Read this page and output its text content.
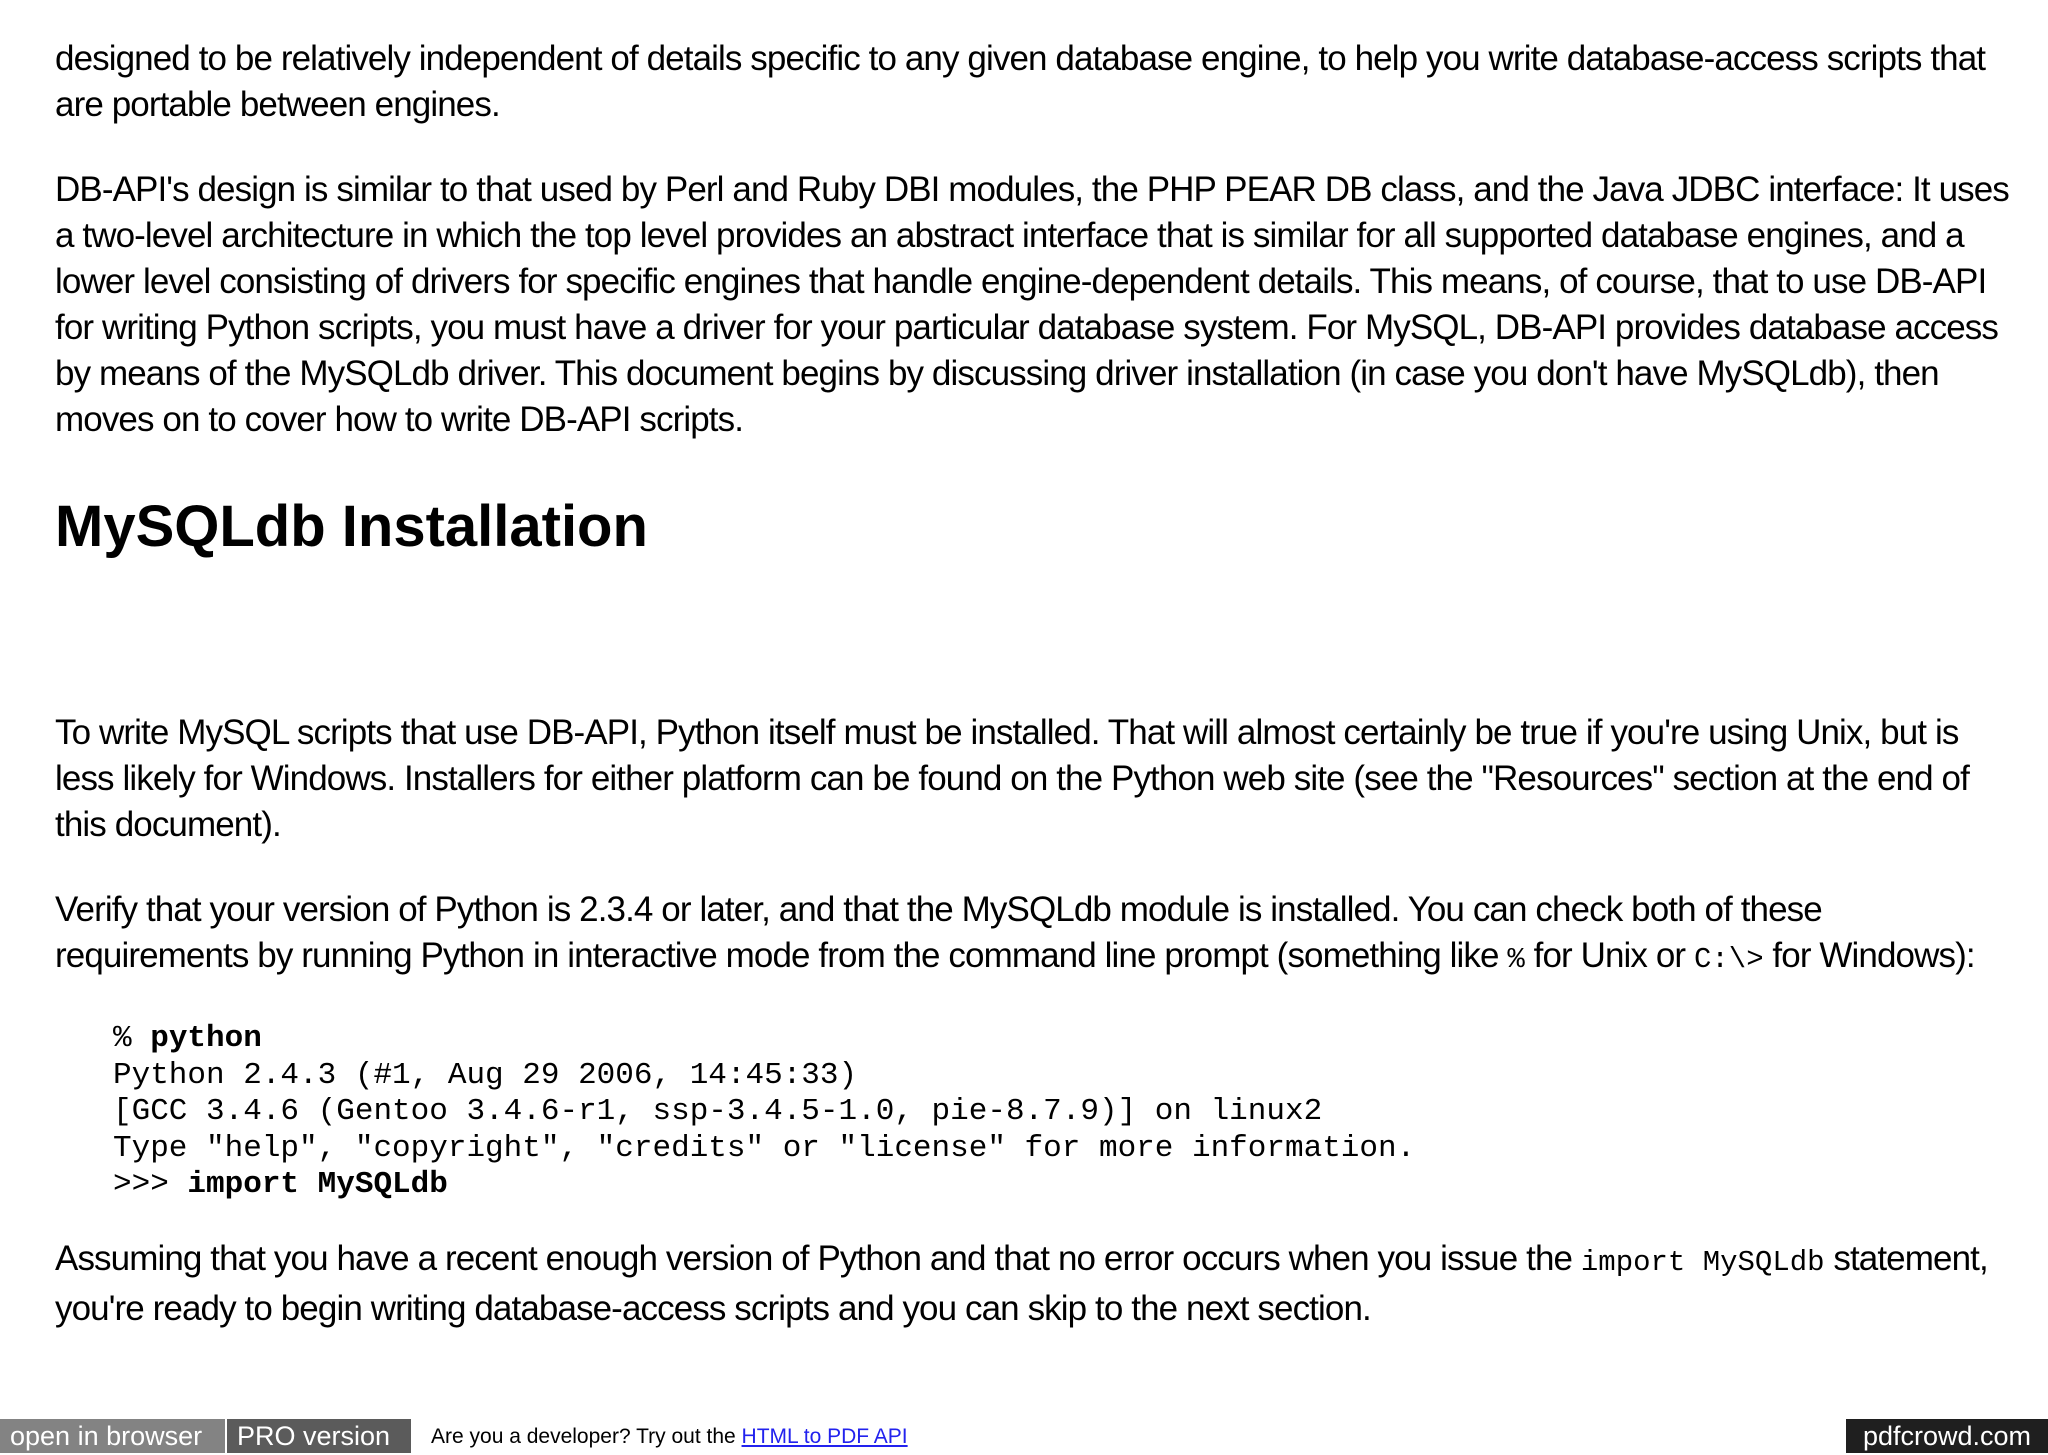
designed to be relatively independent of details specific to any given database engine, to help you write database-access scripts that are portable between engines.

DB-API's design is similar to that used by Perl and Ruby DBI modules, the PHP PEAR DB class, and the Java JDBC interface: It uses a two-level architecture in which the top level provides an abstract interface that is similar for all supported database engines, and a lower level consisting of drivers for specific engines that handle engine-dependent details. This means, of course, that to use DB-API for writing Python scripts, you must have a driver for your particular database system. For MySQL, DB-API provides database access by means of the MySQLdb driver. This document begins by discussing driver installation (in case you don't have MySQLdb), then moves on to cover how to write DB-API scripts.

MySQLdb Installation

To write MySQL scripts that use DB-API, Python itself must be installed. That will almost certainly be true if you're using Unix, but is less likely for Windows. Installers for either platform can be found on the Python web site (see the "Resources" section at the end of this document).

Verify that your version of Python is 2.3.4 or later, and that the MySQLdb module is installed. You can check both of these requirements by running Python in interactive mode from the command line prompt (something like % for Unix or C:\> for Windows):

% python
Python 2.4.3 (#1, Aug 29 2006, 14:45:33)
[GCC 3.4.6 (Gentoo 3.4.6-r1, ssp-3.4.5-1.0, pie-8.7.9)] on linux2
Type "help", "copyright", "credits" or "license" for more information.
>>> import MySQLdb

Assuming that you have a recent enough version of Python and that no error occurs when you issue the import MySQLdb statement, you're ready to begin writing database-access scripts and you can skip to the next section.

open in browser	PRO version	Are you a developer? Try out the HTML to PDF API	pdfcrowd.com
